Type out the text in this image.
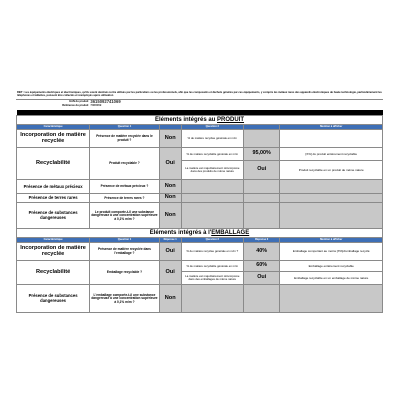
REP : Les équipements électriques et électroniques, qu'ils soient destinés à être utilisés par les particuliers ou les professionnels, afin que les composants et déchets générés par ces équipements, y compris les métaux rares des appareils électroniques de haute technologie, particulièrement les téléphones et tablettes, puissent être collectés et réemployés après utilisation		
EAN du produit	3615092741069	
Référence du produit	7060069	

Éléments intégrés au PRODUIT					
Caractéristique	Question 1		Question 2		Mention à afficher
Incorporation de matière recyclée	Présence de matière recyclée dans le produit ?	Non	% de matière recyclée générale en m/m		
Recyclabilité	Produit recyclable ?	Oui	% de matière recyclable générale en m/m	95,00%	[X%] du produit entièrement recyclable
			La matière est majoritairement réincorporée dans des produits de même nature	Oui	Produit recyclable en un produit de même nature
Présence de métaux précieux	Présence de métaux précieux ?	Non			
Présence de terres rares	Présence de terres rares ?	Non			
Présence de substances dangereuses	Le produit comporte-t-il une substance dangereuse à une concentration supérieure à 0,1% m/m ?	Non			
Éléments intégrés à l'EMBALLAGE					
Caractéristique	Question 1	Réponse 1	Question 2	Réponse 2	Mention à afficher
Incorporation de matière recyclée	Présence de matière recyclée dans l'emballage ?	Oui	% de matière recyclée générale en m/m ?	40%	Emballage comportant au moins [X%]d'emballage recyclé
Recyclabilité	Emballage recyclable ?	Oui	% de matière recyclable générale en m/m	60%	Emballage entièrement recyclable
			La matière est majoritairement réincorporée dans des emballages de même nature	Oui	Emballage recyclable en un emballage de même nature
Présence de substances dangereuses	L'emballage comporte-t-il une substance dangereuse à une concentration supérieure à 0,1% m/m ?	Non			
